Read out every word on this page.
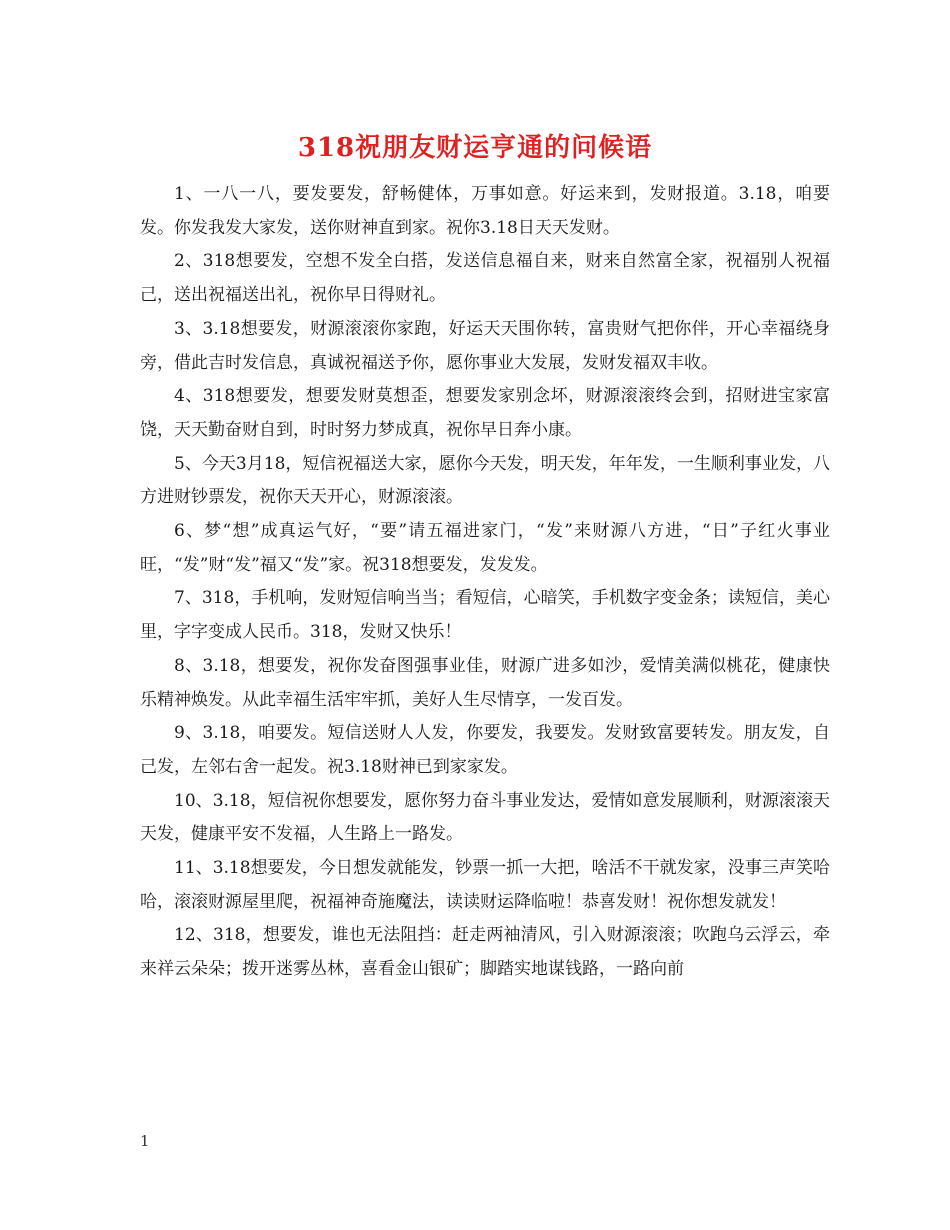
318祝朋友财运亨通的问候语

1、一八一八，要发要发，舒畅健体，万事如意。好运来到，发财报道。3.18，咱要发。你发我发大家发，送你财神直到家。祝你3.18日天天发财。

2、318想要发，空想不发全白搭，发送信息福自来，财来自然富全家，祝福别人祝福己，送出祝福送出礼，祝你早日得财礼。

3、3.18想要发，财源滚滚你家跑，好运天天围你转，富贵财气把你伴，开心幸福绕身旁，借此吉时发信息，真诚祝福送予你，愿你事业大发展，发财发福双丰收。

4、318想要发，想要发财莫想歪，想要发家别念坏，财源滚滚终会到，招财进宝家富饶，天天勤奋财自到，时时努力梦成真，祝你早日奔小康。

5、今天3月18，短信祝福送大家，愿你今天发，明天发，年年发，一生顺利事业发，八方进财钞票发，祝你天天开心，财源滚滚。

6、梦“想”成真运气好，“要”请五福进家门，“发”来财源八方进，“日”子红火事业旺，“发”财“发”福又“发”家。祝318想要发，发发发。

7、318，手机响，发财短信响当当；看短信，心暗笑，手机数字变金条；读短信，美心里，字字变成人民币。318，发财又快乐！

8、3.18，想要发，祝你发奋图强事业佳，财源广进多如沙，爱情美满似桃花，健康快乐精神焕发。从此幸福生活牢牢抓，美好人生尽情享，一发百发。

9、3.18，咱要发。短信送财人人发，你要发，我要发。发财致富要转发。朋友发，自己发，左邻右舍一起发。祝3.18财神已到家家发。

10、3.18，短信祝你想要发，愿你努力奋斗事业发达，爱情如意发展顺利，财源滚滚天天发，健康平安不发福，人生路上一路发。

11、3.18想要发，今日想发就能发，钞票一抓一大把，啥活不干就发家，没事三声笑哈哈，滚滚财源屋里爬，祝福神奇施魔法，读读财运降临啦！恭喜发财！祝你想发就发！

12、318，想要发，谁也无法阻挡：赶走两袖清风，引入财源滚滚；吹跑乌云浮云，牵来祥云朵朵；拨开迷雾丛林，喜看金山银矿；脚踏实地谋钱路，一路向前

1
